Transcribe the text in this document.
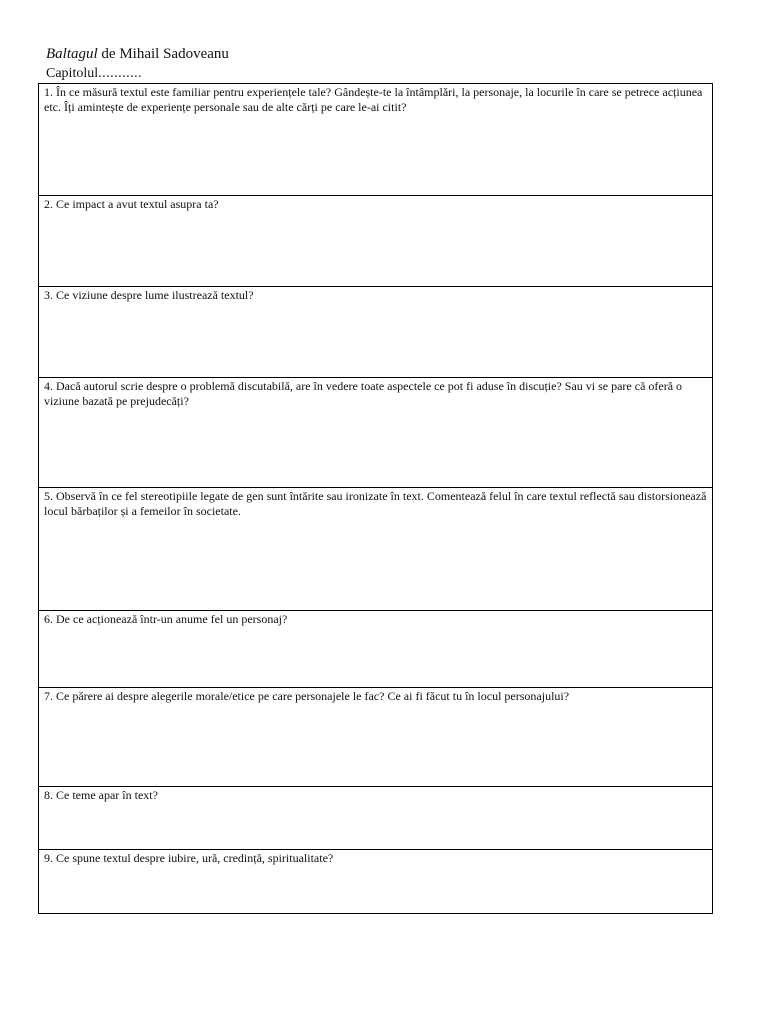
Baltagul de Mihail Sadoveanu
Capitolul...........
1. În ce măsură textul este familiar pentru experiențele tale? Gândește-te la întâmplări, la personaje, la locurile în care se petrece acțiunea etc. Îți amintește de experiențe personale sau de alte cărți pe care le-ai citit?

2. Ce impact a avut textul asupra ta?

3. Ce viziune despre lume ilustrează textul?

4. Dacă autorul scrie despre o problemă discutabilă, are în vedere toate aspectele ce pot fi aduse în discuție? Sau vi se pare că oferă o viziune bazată pe prejudecăți?

5. Observă în ce fel stereotipiile legate de gen sunt întărite sau ironizate în text. Comentează felul în care textul reflectă sau distorsionează locul bărbaților și a femeilor în societate.

6. De ce acționează într-un anume fel un personaj?

7. Ce părere ai despre alegerile morale/etice pe care personajele le fac? Ce ai fi făcut tu în locul personajului?

8. Ce teme apar în text?

9. Ce spune textul despre iubire, ură, credință, spiritualitate?
